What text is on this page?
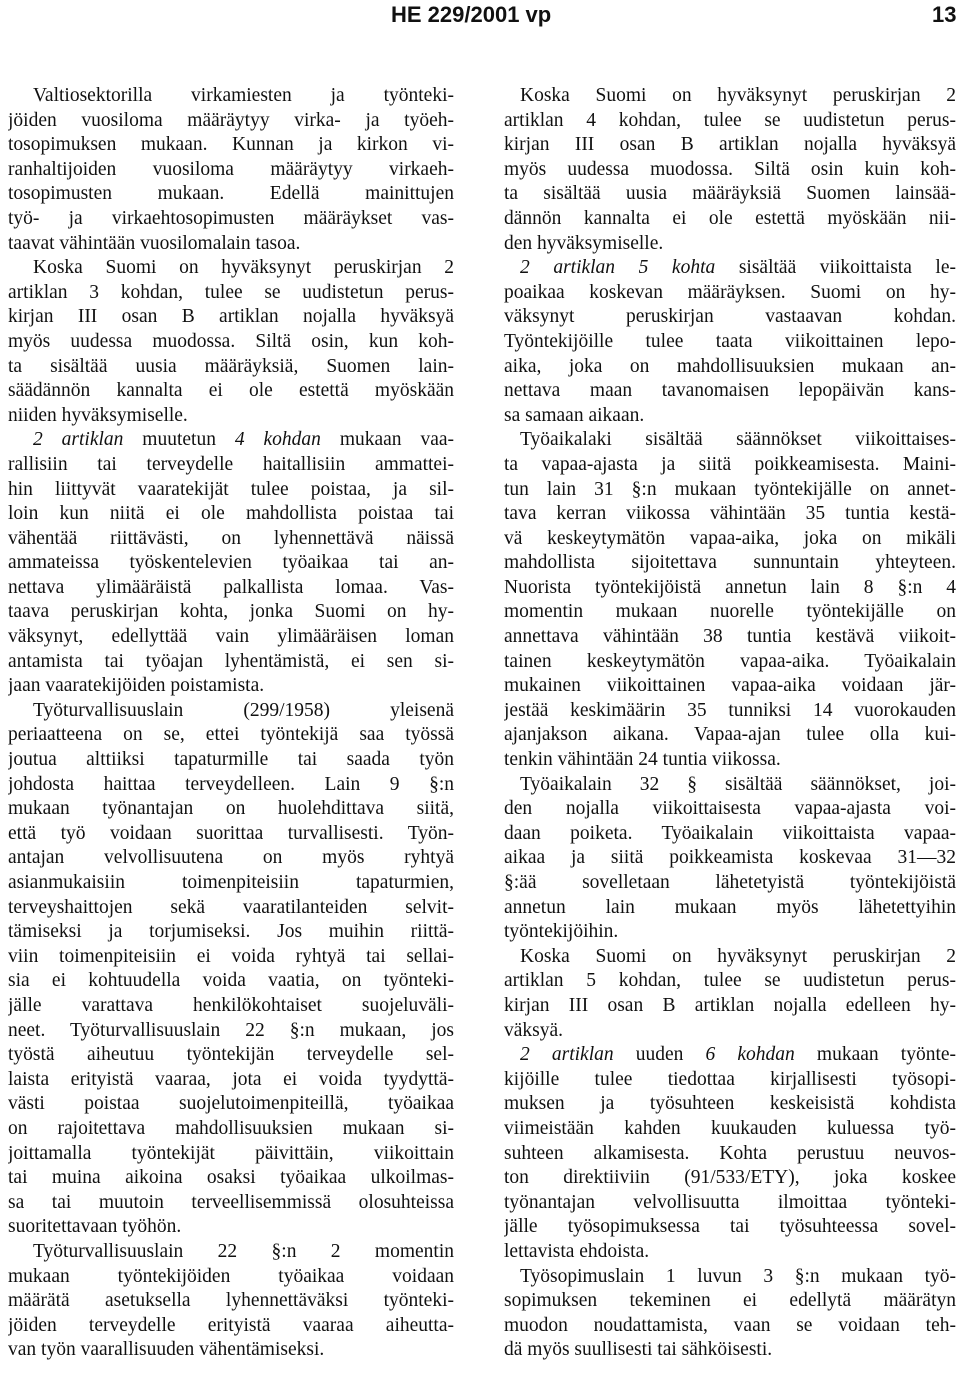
HE 229/2001 vp	13
Valtiosektorilla virkamiesten ja työnteki-
jöiden vuosiloma määräytyy virka- ja työeh-
tosopimuksen mukaan. Kunnan ja kirkon vi-
ranhaltijoiden vuosiloma määräytyy virkaeh-
tosopimusten mukaan. Edellä mainittujen
työ- ja virkaehtosopimusten määräykset vas-
taavat vähintään vuosilomalain tasoa.
Koska Suomi on hyväksynyt peruskirjan 2
artiklan 3 kohdan, tulee se uudistetun perus-
kirjan III osan B artiklan nojalla hyväksyä
myös uudessa muodossa. Siltä osin, kun koh-
ta sisältää uusia määräyksiä, Suomen lain-
säädännön kannalta ei ole estettä myöskään
niiden hyväksymiselle.
2 artiklan muutetun 4 kohdan mukaan vaa-
rallisiin tai terveydelle haitallisiin ammattei-
hin liittyvät vaaratekijät tulee poistaa, ja sil-
loin kun niitä ei ole mahdollista poistaa tai
vähentää riittävästi, on lyhennettävä näissä
ammateissa työskentelevien työaikaa tai an-
nettava ylimääräistä palkallista lomaa. Vas-
taava peruskirjan kohta, jonka Suomi on hy-
väksynyt, edellyttää vain ylimääräisen loman
antamista tai työajan lyhentämistä, ei sen si-
jaan vaaratekijöiden poistamista.
Työturvallisuuslain (299/1958) yleisenä
periaatteena on se, ettei työntekijä saa työssä
joutua alttiiksi tapaturmille tai saada työn
johdosta haittaa terveydelleen. Lain 9 §:n
mukaan työnantajan on huolehdittava siitä,
että työ voidaan suorittaa turvallisesti. Työn-
antajan velvollisuutena on myös ryhtyä
asianmukaisiin toimenpiteisiin tapaturmien,
terveyshaittojen sekä vaaratilanteiden selvit-
tämiseksi ja torjumiseksi. Jos muihin riittä-
viin toimenpiteisiin ei voida ryhtyä tai sellai-
sia ei kohtuudella voida vaatia, on työnteki-
jälle varattava henkilökohtaiset suojeluväli-
neet. Työturvallisuuslain 22 §:n mukaan, jos
työstä aiheutuu työntekijän terveydelle sel-
laista erityistä vaaraa, jota ei voida tyydyttä-
västi poistaa suojelutoimenpiteillä, työaikaa
on rajoitettava mahdollisuuksien mukaan si-
joittamalla työntekijät päivittäin, viikoittain
tai muina aikoina osaksi työaikaa ulkoilmas-
sa tai muutoin terveellisemmissä olosuhteissa
suoritettavaan työhön.
Työturvallisuuslain 22 §:n 2 momentin
mukaan työntekijöiden työaikaa voidaan
määrätä asetuksella lyhennettäväksi työnteki-
jöiden terveydelle erityistä vaaraa aiheutta-
van työn vaarallisuuden vähentämiseksi.
Koska Suomi on hyväksynyt peruskirjan 2
artiklan 4 kohdan, tulee se uudistetun perus-
kirjan III osan B artiklan nojalla hyväksyä
myös uudessa muodossa. Siltä osin kuin koh-
ta sisältää uusia määräyksiä Suomen lainsää-
dännön kannalta ei ole estettä myöskään nii-
den hyväksymiselle.
2 artiklan 5 kohta sisältää viikoittaista le-
poaikaa koskevan määräyksen. Suomi on hy-
väksynyt peruskirjan vastaavan kohdan.
Työntekijöille tulee taata viikoittainen lepo-
aika, joka on mahdollisuuksien mukaan an-
nettava maan tavanomaisen lepopäivän kans-
sa samaan aikaan.
Työaikalaki sisältää säännökset viikoittaises-
ta vapaa-ajasta ja siitä poikkeamisesta. Maini-
tun lain 31 §:n mukaan työntekijälle on annet-
tava kerran viikossa vähintään 35 tuntia kestä-
vä keskeytymätön vapaa-aika, joka on mikäli
mahdollista sijoitettava sunnuntain yhteyteen.
Nuorista työntekijöistä annetun lain 8 §:n 4
momentin mukaan nuorelle työntekijälle on
annettava vähintään 38 tuntia kestävä viikoit-
tainen keskeytymätön vapaa-aika. Työaikalain
mukainen viikoittainen vapaa-aika voidaan jär-
jestää keskimäärin 35 tunniksi 14 vuorokauden
ajanjakson aikana. Vapaa-ajan tulee olla kui-
tenkin vähintään 24 tuntia viikossa.
Työaikalain 32 § sisältää säännökset, joi-
den nojalla viikoittaisesta vapaa-ajasta voi-
daan poiketa. Työaikalain viikoittaista vapaa-
aikaa ja siitä poikkeamista koskevaa 31—32
§:ää sovelletaan lähetetyistä työntekijöistä
annetun lain mukaan myös lähetettyihin
työntekijöihin.
Koska Suomi on hyväksynyt peruskirjan 2
artiklan 5 kohdan, tulee se uudistetun perus-
kirjan III osan B artiklan nojalla edelleen hy-
väksyä.
2 artiklan uuden 6 kohdan mukaan työnte-
kijöille tulee tiedottaa kirjallisesti työsopi-
muksen ja työsuhteen keskeisistä kohdista
viimeistään kahden kuukauden kuluessa työ-
suhteen alkamisesta. Kohta perustuu neuvos-
ton direktiiviin (91/533/ETY), joka koskee
työnantajan velvollisuutta ilmoittaa työnteki-
jälle työsopimuksessa tai työsuhteessa sovel-
lettavista ehdoista.
Työsopimuslain 1 luvun 3 §:n mukaan työ-
sopimuksen tekeminen ei edellytä määrätyn
muodon noudattamista, vaan se voidaan teh-
dä myös suullisesti tai sähköisesti.
